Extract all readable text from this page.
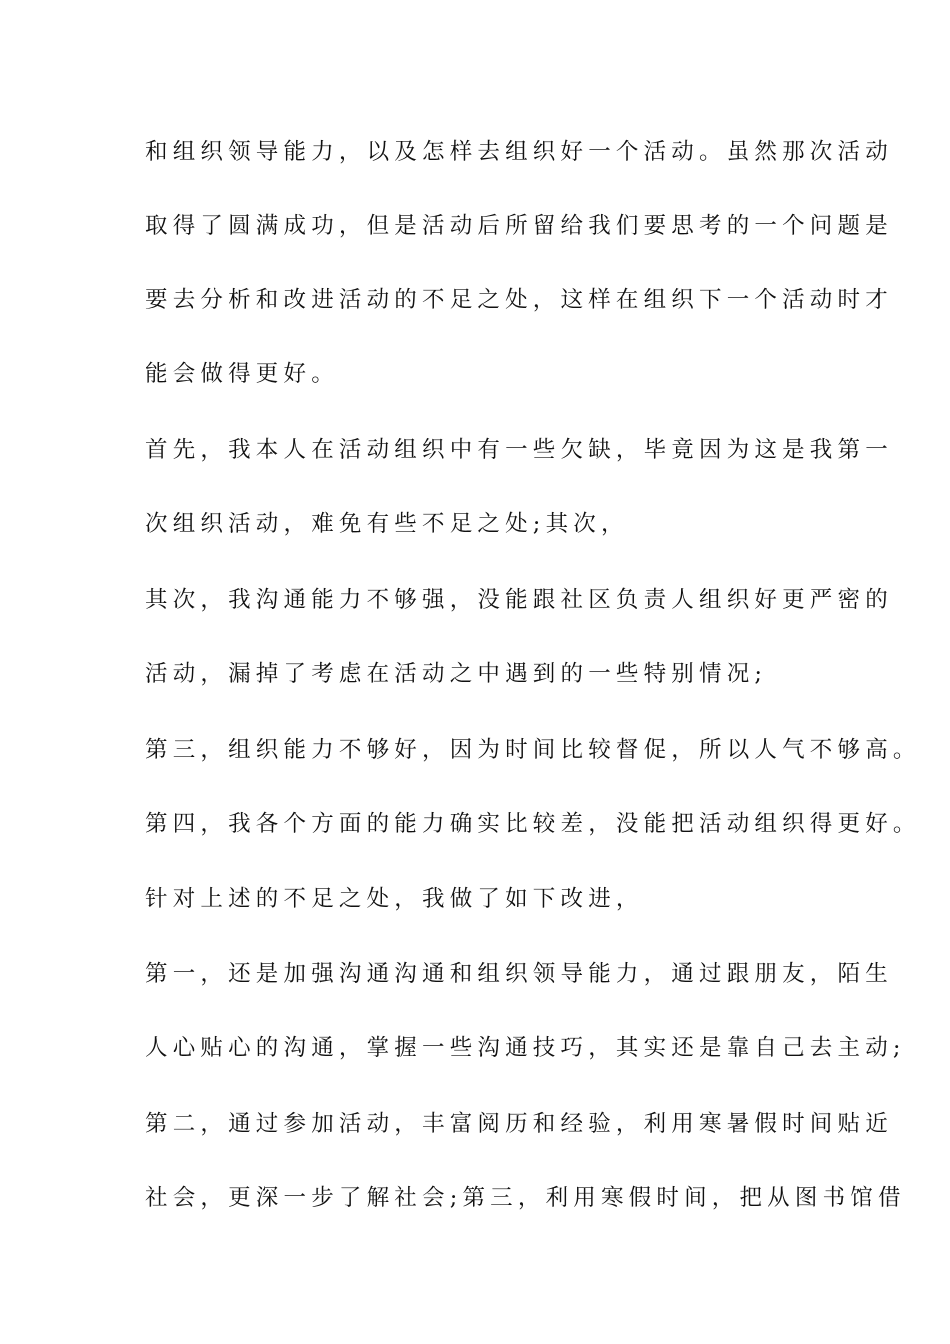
和组织领导能力，以及怎样去组织好一个活动。虽然那次活动
取得了圆满成功，但是活动后所留给我们要思考的一个问题是
要去分析和改进活动的不足之处，这样在组织下一个活动时才
能会做得更好。
首先，我本人在活动组织中有一些欠缺，毕竟因为这是我第一
次组织活动，难免有些不足之处;其次，
其次，我沟通能力不够强，没能跟社区负责人组织好更严密的
活动，漏掉了考虑在活动之中遇到的一些特别情况;
第三，组织能力不够好，因为时间比较督促，所以人气不够高。
第四，我各个方面的能力确实比较差，没能把活动组织得更好。
针对上述的不足之处，我做了如下改进，
第一，还是加强沟通沟通和组织领导能力，通过跟朋友，陌生
人心贴心的沟通，掌握一些沟通技巧，其实还是靠自己去主动;
第二，通过参加活动，丰富阅历和经验，利用寒暑假时间贴近
社会，更深一步了解社会;第三，利用寒假时间，把从图书馆借
